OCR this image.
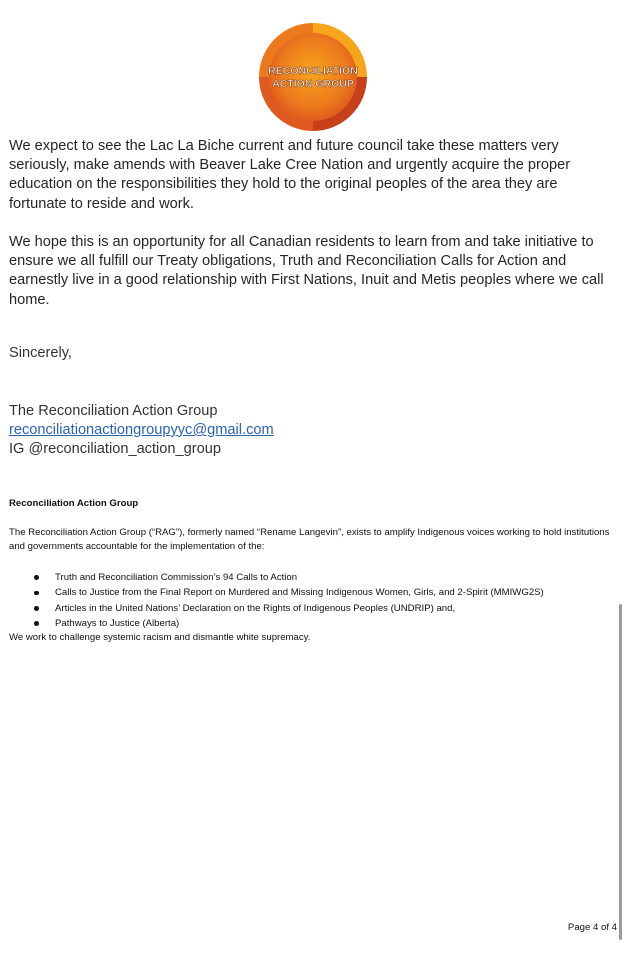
RECONCILIATION
ACTION GROUP

We expect to see the Lac La Biche current and future council take these matters very seriously, make amends with Beaver Lake Cree Nation and urgently acquire the proper education on the responsibilities they hold to the original peoples of the area they are fortunate to reside and work.

We hope this is an opportunity for all Canadian residents to learn from and take initiative to ensure we all fulfill our Treaty obligations, Truth and Reconciliation Calls for Action and earnestly live in a good relationship with First Nations, Inuit and Metis peoples where we call home.

Sincerely,

The Reconciliation Action Group

reconciliationactiongroupyyc@gmail.com

IG @reconciliation_action_group

Reconciliation Action Group

The Reconciliation Action Group (“RAG”), formerly named “Rename Langevin”, exists to amplify Indigenous voices working to hold institutions and governments accountable for the implementation of the:

Truth and Reconciliation Commission’s 94 Calls to Action
Calls to Justice from the Final Report on Murdered and Missing Indigenous Women, Girls, and 2-Spirit (MMIWG2S)
Articles in the United Nations’ Declaration on the Rights of Indigenous Peoples (UNDRIP) and,
Pathways to Justice (Alberta)

We work to challenge systemic racism and dismantle white supremacy.

Page 4 of 4
